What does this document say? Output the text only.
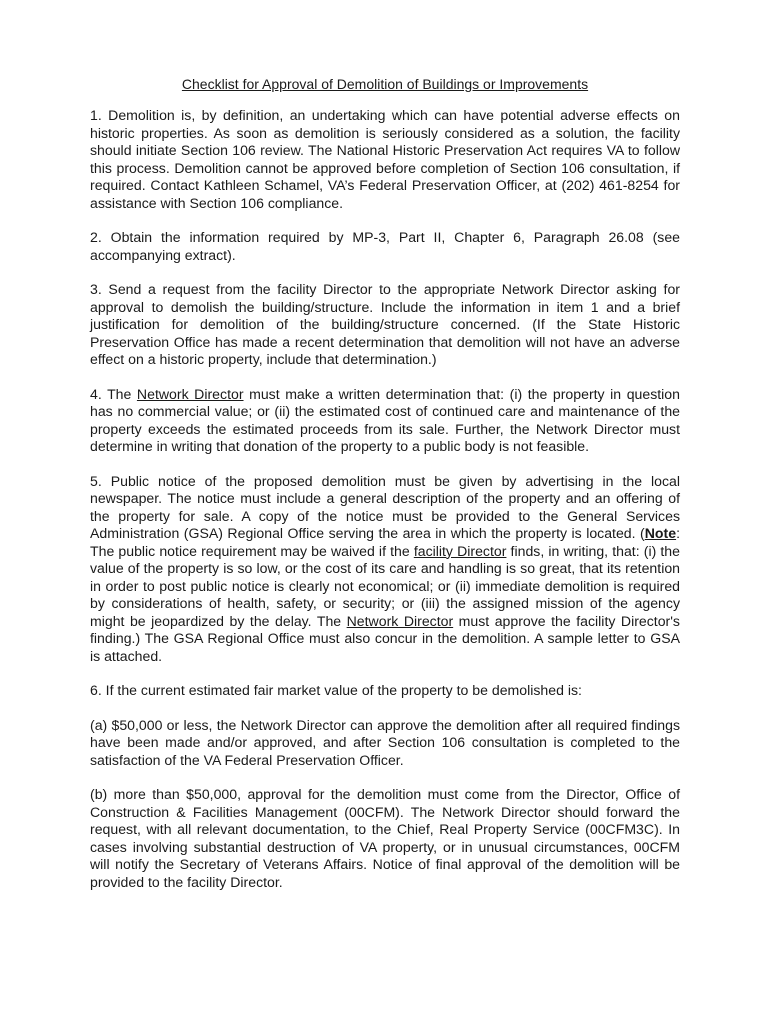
Checklist for Approval of Demolition of Buildings or Improvements

1. Demolition is, by definition, an undertaking which can have potential adverse effects on historic properties. As soon as demolition is seriously considered as a solution, the facility should initiate Section 106 review. The National Historic Preservation Act requires VA to follow this process. Demolition cannot be approved before completion of Section 106 consultation, if required. Contact Kathleen Schamel, VA’s Federal Preservation Officer, at (202) 461-8254 for assistance with Section 106 compliance.

2. Obtain the information required by MP-3, Part II, Chapter 6, Paragraph 26.08 (see accompanying extract).

3. Send a request from the facility Director to the appropriate Network Director asking for approval to demolish the building/structure. Include the information in item 1 and a brief justification for demolition of the building/structure concerned. (If the State Historic Preservation Office has made a recent determination that demolition will not have an adverse effect on a historic property, include that determination.)

4. The Network Director must make a written determination that: (i) the property in question has no commercial value; or (ii) the estimated cost of continued care and maintenance of the property exceeds the estimated proceeds from its sale. Further, the Network Director must determine in writing that donation of the property to a public body is not feasible.

5. Public notice of the proposed demolition must be given by advertising in the local newspaper. The notice must include a general description of the property and an offering of the property for sale. A copy of the notice must be provided to the General Services Administration (GSA) Regional Office serving the area in which the property is located. (Note: The public notice requirement may be waived if the facility Director finds, in writing, that: (i) the value of the property is so low, or the cost of its care and handling is so great, that its retention in order to post public notice is clearly not economical; or (ii) immediate demolition is required by considerations of health, safety, or security; or (iii) the assigned mission of the agency might be jeopardized by the delay. The Network Director must approve the facility Director's finding.) The GSA Regional Office must also concur in the demolition. A sample letter to GSA is attached.

6. If the current estimated fair market value of the property to be demolished is:

(a) $50,000 or less, the Network Director can approve the demolition after all required findings have been made and/or approved, and after Section 106 consultation is completed to the satisfaction of the VA Federal Preservation Officer.

(b) more than $50,000, approval for the demolition must come from the Director, Office of Construction & Facilities Management (00CFM). The Network Director should forward the request, with all relevant documentation, to the Chief, Real Property Service (00CFM3C). In cases involving substantial destruction of VA property, or in unusual circumstances, 00CFM will notify the Secretary of Veterans Affairs. Notice of final approval of the demolition will be provided to the facility Director.
